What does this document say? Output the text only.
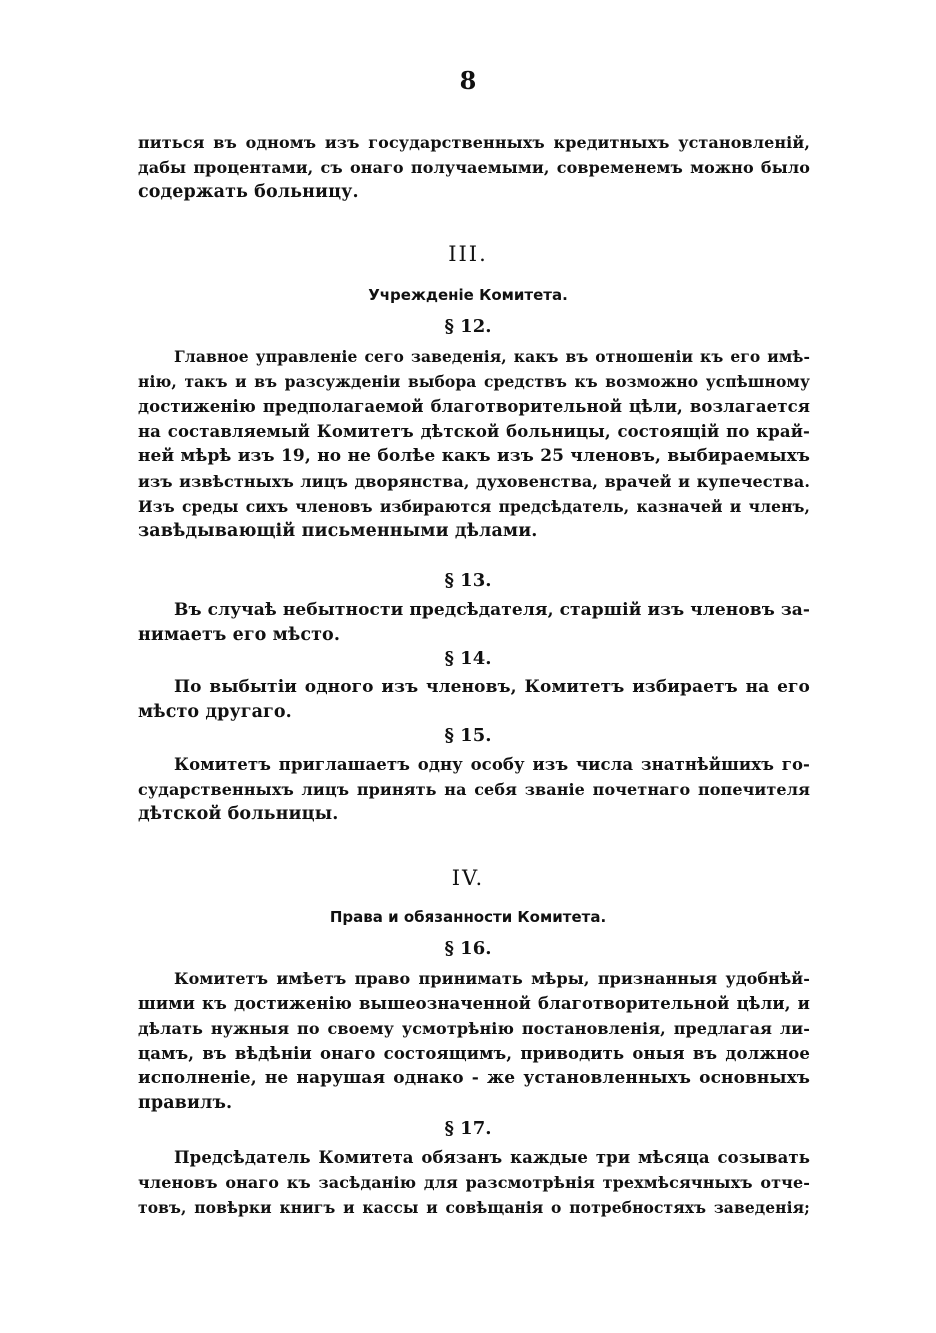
8
питься въ одномъ изъ государственныхъ кредитныхъ установленій,
дабы процентами, съ онаго получаемыми, современемъ можно было
содержать больницу.
III.
Учрежденіе Комитета.
§ 12.
Главное управленіе сего заведенія, какъ въ отношеніи къ его имѣ-
нію, такъ и въ разсужденіи выбора средствъ къ возможно успѣшному
достиженію предполагаемой благотворительной цѣли, возлагается
на составляемый Комитетъ дѣтской больницы, состоящій по край-
ней мѣрѣ изъ 19, но не болѣе какъ изъ 25 членовъ, выбираемыхъ
изъ извѣстныхъ лицъ дворянства, духовенства, врачей и купечества.
Изъ среды сихъ членовъ избираются предсѣдатель, казначей и членъ,
завѣдывающій письменными дѣлами.
§ 13.
Въ случаѣ небытности предсѣдателя, старшій изъ членовъ за-
нимаетъ его мѣсто.
§ 14.
По выбытіи одного изъ членовъ, Комитетъ избираетъ на его
мѣсто другаго.
§ 15.
Комитетъ приглашаетъ одну особу изъ числа знатнѣйшихъ го-
сударственныхъ лицъ принять на себя званіе почетнаго попечителя
дѣтской больницы.
IV.
Права и обязанности Комитета.
§ 16.
Комитетъ имѣетъ право принимать мѣры, признанныя удобнѣй-
шими къ достиженію вышеозначенной благотворительной цѣли, и
дѣлать нужныя по своему усмотрѣнію постановленія, предлагая ли-
цамъ, въ вѣдѣніи онаго состоящимъ, приводить оныя въ должное
исполненіе, не нарушая однако - же установленныхъ основныхъ
правилъ.
§ 17.
Предсѣдатель Комитета обязанъ каждые три мѣсяца созывать
членовъ онаго къ засѣданію для разсмотрѣнія трехмѣсячныхъ отче-
товъ, повѣрки книгъ и кассы и совѣщанія о потребностяхъ заведенія;
